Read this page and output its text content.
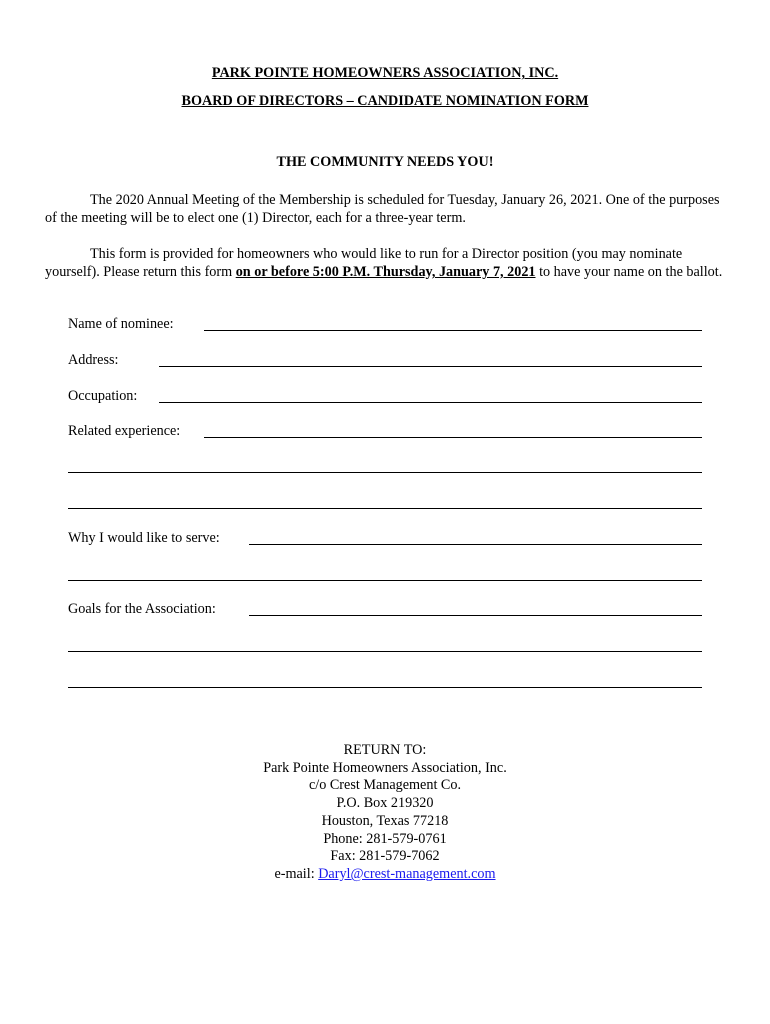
PARK POINTE HOMEOWNERS ASSOCIATION, INC.
BOARD OF DIRECTORS – CANDIDATE NOMINATION FORM
THE COMMUNITY NEEDS YOU!

The 2020 Annual Meeting of the Membership is scheduled for Tuesday, January 26, 2021. One of the purposes of the meeting will be to elect one (1) Director, each for a three-year term.

This form is provided for homeowners who would like to run for a Director position (you may nominate yourself). Please return this form on or before 5:00 P.M. Thursday, January 7, 2021 to have your name on the ballot.

Name of nominee:
Address:
Occupation:
Related experience:
Why I would like to serve:
Goals for the Association:
RETURN TO:
Park Pointe Homeowners Association, Inc.
c/o Crest Management Co.
P.O. Box 219320
Houston, Texas 77218
Phone: 281-579-0761
Fax: 281-579-7062
e-mail: Daryl@crest-management.com
